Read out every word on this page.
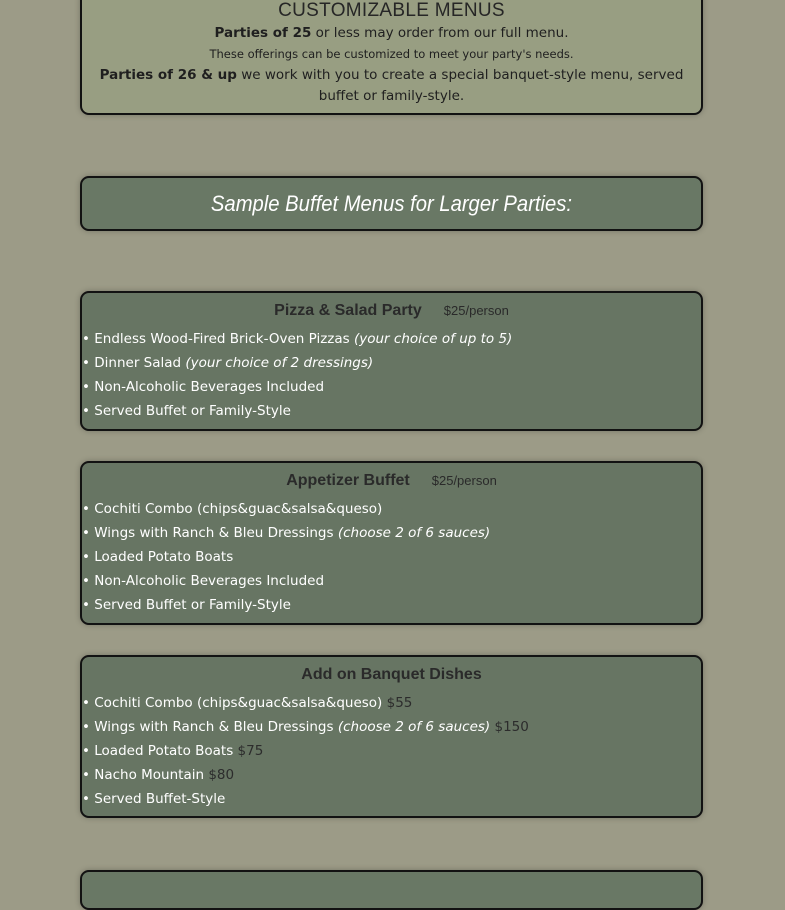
CUSTOMIZABLE MENUS
Parties of 25 or less may order from our full menu.
These offerings can be customized to meet your party's needs.
Parties of 26 & up we work with you to create a special banquet-style menu, served buffet or family-style.
Sample Buffet Menus for Larger Parties:
Pizza & Salad Party $25/person
• Endless Wood-Fired Brick-Oven Pizzas (your choice of up to 5)
• Dinner Salad (your choice of 2 dressings)
• Non-Alcoholic Beverages Included
• Served Buffet or Family-Style
Appetizer Buffet $25/person
• Cochiti Combo (chips&guac&salsa&queso)
• Wings with Ranch & Bleu Dressings (choose 2 of 6 sauces)
• Loaded Potato Boats
• Non-Alcoholic Beverages Included
• Served Buffet or Family-Style
Add on Banquet Dishes
• Cochiti Combo (chips&guac&salsa&queso) $55
• Wings with Ranch & Bleu Dressings (choose 2 of 6 sauces) $150
• Loaded Potato Boats $75
• Nacho Mountain $80
• Served Buffet-Style
